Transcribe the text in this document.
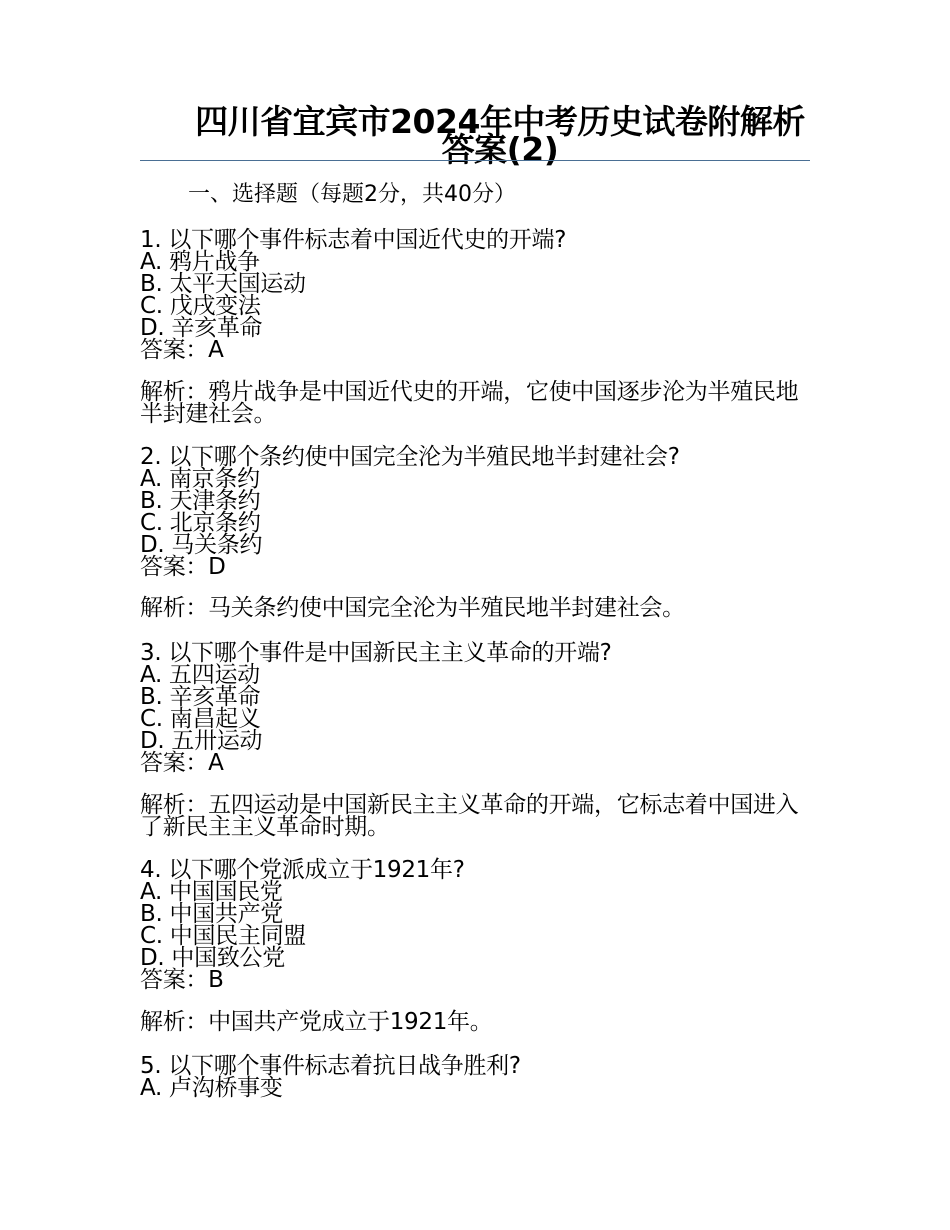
四川省宜宾市2024年中考历史试卷附解析答案(2)
一、选择题（每题2分，共40分）
1. 以下哪个事件标志着中国近代史的开端?
A. 鸦片战争
B. 太平天国运动
C. 戊戌变法
D. 辛亥革命
答案：A
解析：鸦片战争是中国近代史的开端，它使中国逐步沦为半殖民地半封建社会。
2. 以下哪个条约使中国完全沦为半殖民地半封建社会?
A. 南京条约
B. 天津条约
C. 北京条约
D. 马关条约
答案：D
解析：马关条约使中国完全沦为半殖民地半封建社会。
3. 以下哪个事件是中国新民主主义革命的开端?
A. 五四运动
B. 辛亥革命
C. 南昌起义
D. 五卅运动
答案：A
解析：五四运动是中国新民主主义革命的开端，它标志着中国进入了新民主主义革命时期。
4. 以下哪个党派成立于1921年?
A. 中国国民党
B. 中国共产党
C. 中国民主同盟
D. 中国致公党
答案：B
解析：中国共产党成立于1921年。
5. 以下哪个事件标志着抗日战争胜利?
A. 卢沟桥事变
